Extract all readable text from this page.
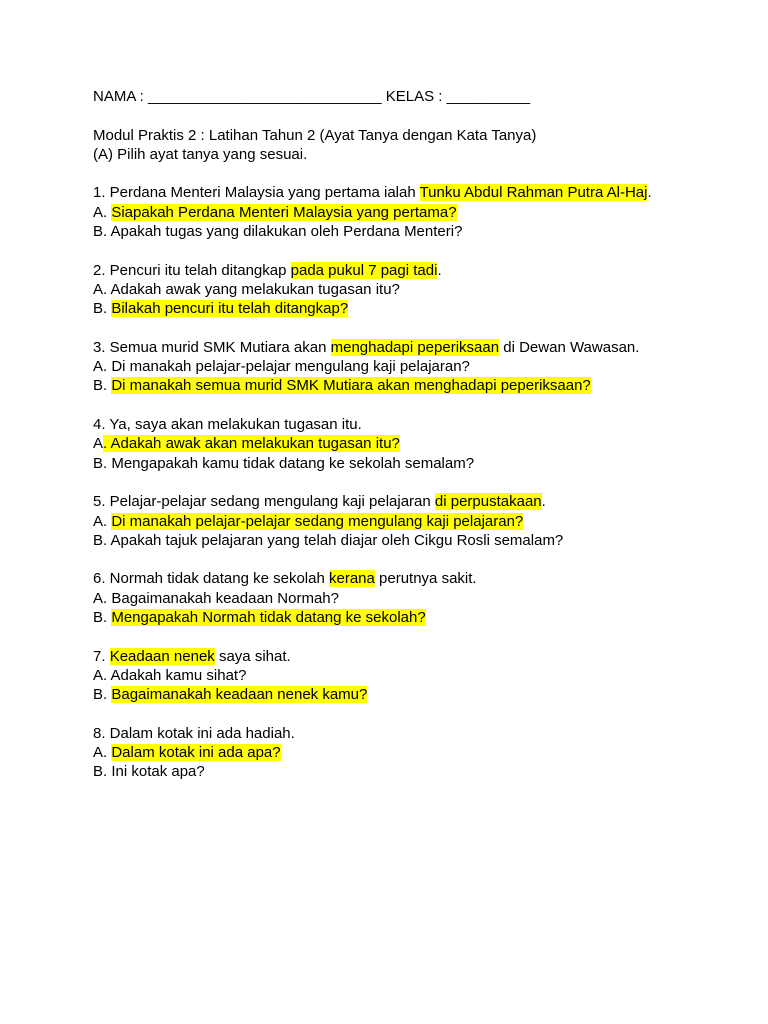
NAMA : ____________________________ KELAS : __________
Modul Praktis 2 : Latihan Tahun 2 (Ayat Tanya dengan Kata Tanya)
(A) Pilih ayat tanya yang sesuai.
1. Perdana Menteri Malaysia yang pertama ialah Tunku Abdul Rahman Putra Al-Haj.
A. Siapakah Perdana Menteri Malaysia yang pertama?
B. Apakah tugas yang dilakukan oleh Perdana Menteri?
2. Pencuri itu telah ditangkap pada pukul 7 pagi tadi.
A. Adakah awak yang melakukan tugasan itu?
B. Bilakah pencuri itu telah ditangkap?
3. Semua murid SMK Mutiara akan menghadapi peperiksaan di Dewan Wawasan.
A. Di manakah pelajar-pelajar mengulang kaji pelajaran?
B. Di manakah semua murid SMK Mutiara akan menghadapi peperiksaan?
4. Ya, saya akan melakukan tugasan itu.
A. Adakah awak akan melakukan tugasan itu?
B. Mengapakah kamu tidak datang ke sekolah semalam?
5. Pelajar-pelajar sedang mengulang kaji pelajaran di perpustakaan.
A. Di manakah pelajar-pelajar sedang mengulang kaji pelajaran?
B. Apakah tajuk pelajaran yang telah diajar oleh Cikgu Rosli semalam?
6. Normah tidak datang ke sekolah kerana perutnya sakit.
A. Bagaimanakah keadaan Normah?
B. Mengapakah Normah tidak datang ke sekolah?
7. Keadaan nenek saya sihat.
A. Adakah kamu sihat?
B. Bagaimanakah keadaan nenek kamu?
8. Dalam kotak ini ada hadiah.
A. Dalam kotak ini ada apa?
B. Ini kotak apa?
